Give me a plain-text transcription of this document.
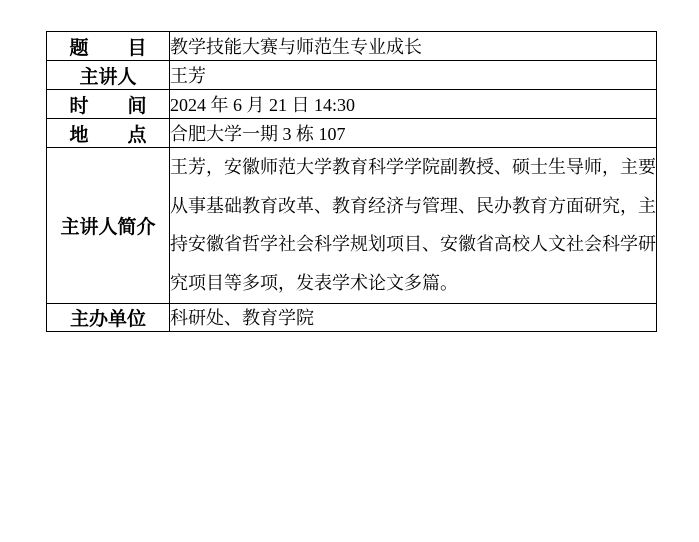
题 目	教学技能大赛与师范生专业成长

主讲人	王芳

时 间	2024 年 6 月 21 日 14:30

地 点	合肥大学一期 3 栋 107

主讲人简介	王芳，安徽师范大学教育科学学院副教授、硕士生导师，主要从事基础教育改革、教育经济与管理、民办教育方面研究，主持安徽省哲学社会科学规划项目、安徽省高校人文社会科学研究项目等多项，发表学术论文多篇。

主办单位	科研处、教育学院
